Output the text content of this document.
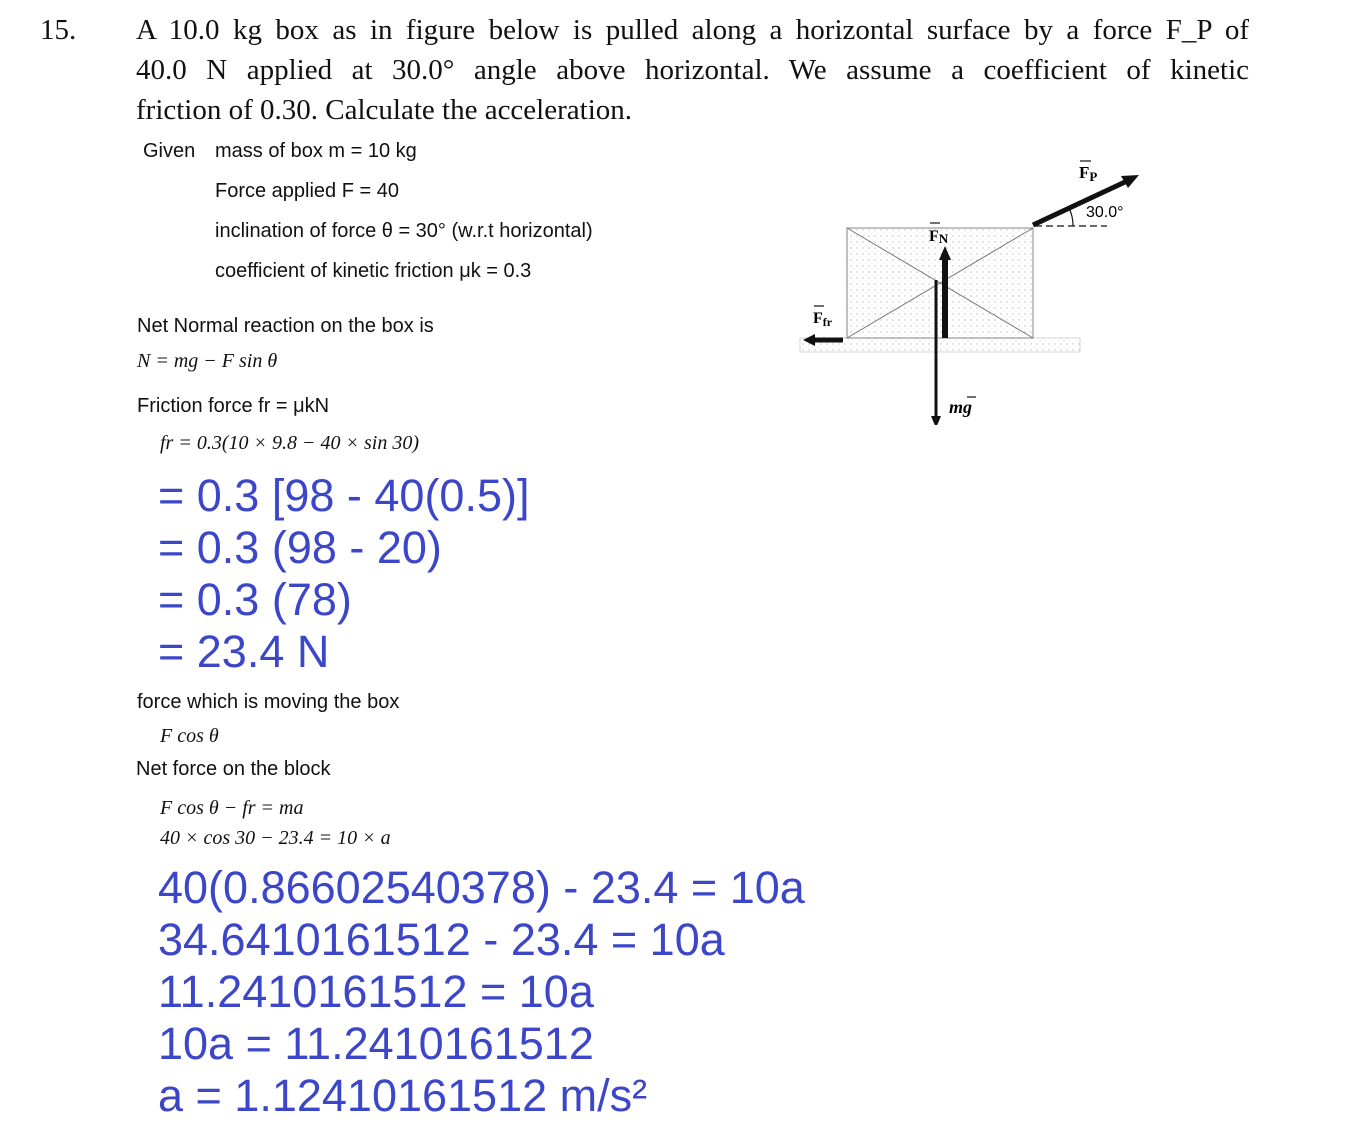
15. A 10.0 kg box as in figure below is pulled along a horizontal surface by a force F_P of
40.0 N applied at 30.0° angle above horizontal. We assume a coefficient of kinetic
friction of 0.30. Calculate the acceleration.
Given mass of box m = 10 kg
Force applied F = 40
inclination of force θ = 30° (w.r.t horizontal)
coefficient of kinetic friction μk = 0.3
Net Normal reaction on the box is
N = mg − F sin θ
Friction force fr = μkN
fr = 0.3(10 × 9.8 − 40 × sin 30)
= 0.3 [98 - 40(0.5)]
= 0.3 (98 - 20)
= 0.3 (78)
= 23.4 N
force which is moving the box
F cos θ
Net force on the block
F cos θ − fr = ma
40 × cos 30 − 23.4 = 10 × a
40(0.86602540378) - 23.4 = 10a
34.6410161512 - 23.4 = 10a
11.2410161512 = 10a
10a = 11.2410161512
a = 1.12410161512 m/s²
FP
30.0°
FN
Ffr
mg
